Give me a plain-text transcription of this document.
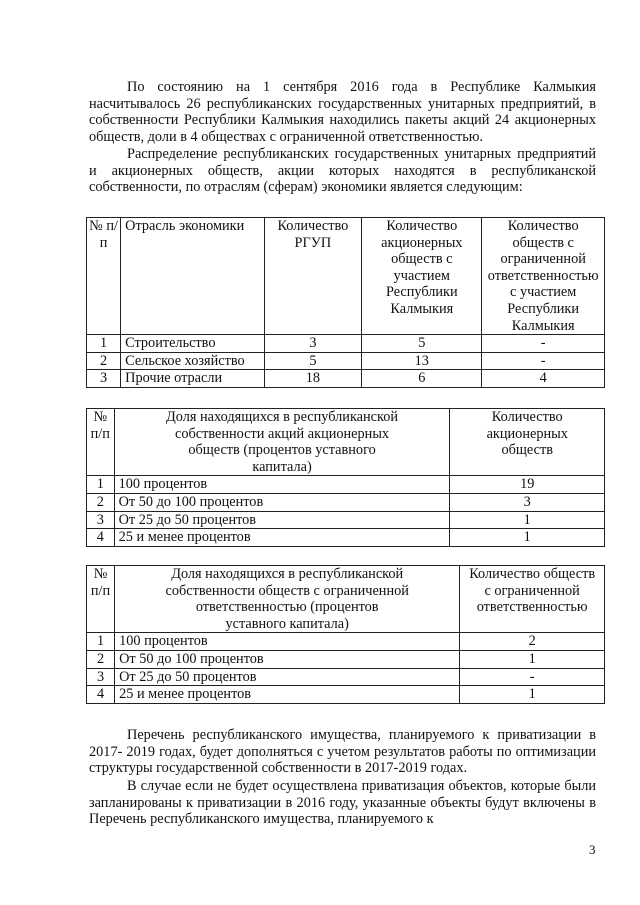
По состоянию на 1 сентября 2016 года в Республике Калмыкия насчитывалось 26 республиканских государственных унитарных предприятий, в собственности Республики Калмыкия находились пакеты акций 24 акционерных обществ, доли в 4 обществах с ограниченной ответственностью.

Распределение республиканских государственных унитарных предприятий и акционерных обществ, акции которых находятся в республиканской собственности, по отраслям (сферам) экономики является следующим:

№ п/п	Отрасль экономики	Количество РГУП	Количество акционерных обществ с участием Республики Калмыкия	Количество обществ с ограниченной ответственностью с участием Республики Калмыкия
1	Строительство	3	5	-
2	Сельское хозяйство	5	13	-
3	Прочие отрасли	18	6	4
№ п/п	Доля находящихся в республиканской собственности акций акционерных обществ (процентов уставного капитала)	Количество акционерных обществ
1	100 процентов	19
2	От 50 до 100 процентов	3
3	От 25 до 50 процентов	1
4	25 и менее процентов	1
№ п/п	Доля находящихся в республиканской собственности обществ с ограниченной ответственностью (процентов уставного капитала)	Количество обществ с ограниченной ответственностью
1	100 процентов	2
2	От 50 до 100 процентов	1
3	От 25 до 50 процентов	-
4	25 и менее процентов	1

Перечень республиканского имущества, планируемого к приватизации в 2017- 2019 годах, будет дополняться с учетом результатов работы по оптимизации структуры государственной собственности в 2017-2019 годах.

В случае если не будет осуществлена приватизация объектов, которые были запланированы к приватизации в 2016 году, указанные объекты будут включены в Перечень республиканского имущества, планируемого к

3
